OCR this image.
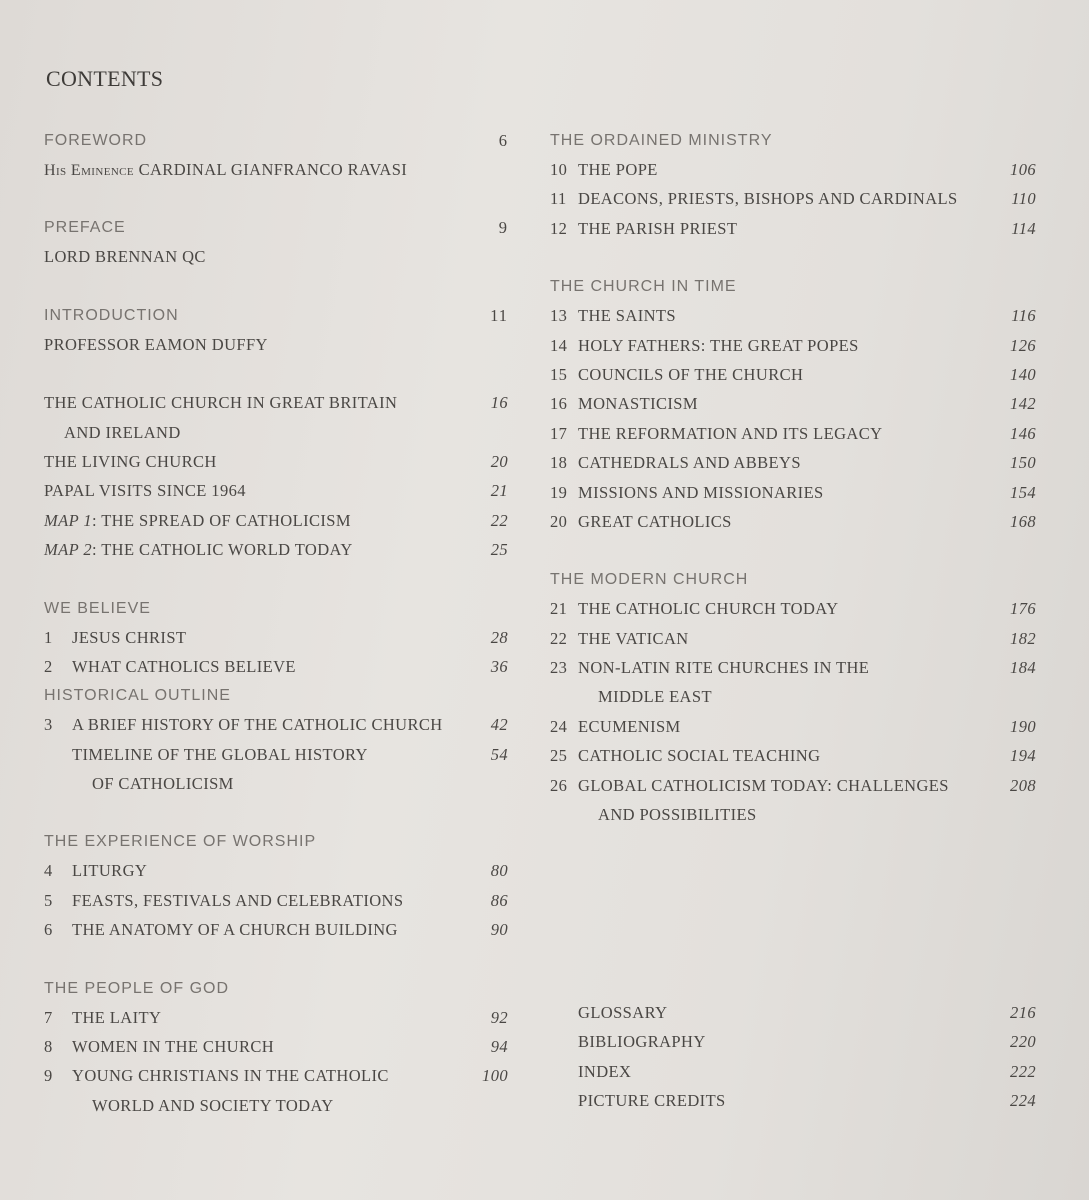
CONTENTS
FOREWORD	6
His Eminence CARDINAL GIANFRANCO RAVASI
PREFACE	9
LORD BRENNAN QC
INTRODUCTION	11
PROFESSOR EAMON DUFFY
THE CATHOLIC CHURCH IN GREAT BRITAIN	16
AND IRELAND
THE LIVING CHURCH	20
PAPAL VISITS SINCE 1964	21
MAP 1: THE SPREAD OF CATHOLICISM	22
MAP 2: THE CATHOLIC WORLD TODAY	25
WE BELIEVE
1	JESUS CHRIST	28
2	WHAT CATHOLICS BELIEVE	36
HISTORICAL OUTLINE
3	A BRIEF HISTORY OF THE CATHOLIC CHURCH	42
TIMELINE OF THE GLOBAL HISTORY	54
OF CATHOLICISM
THE EXPERIENCE OF WORSHIP
4	LITURGY	80
5	FEASTS, FESTIVALS AND CELEBRATIONS	86
6	THE ANATOMY OF A CHURCH BUILDING	90
THE PEOPLE OF GOD
7	THE LAITY	92
8	WOMEN IN THE CHURCH	94
9	YOUNG CHRISTIANS IN THE CATHOLIC	100
WORLD AND SOCIETY TODAY
THE ORDAINED MINISTRY
10 THE POPE	106
11 DEACONS, PRIESTS, BISHOPS AND CARDINALS	110
12 THE PARISH PRIEST	114
THE CHURCH IN TIME
13 THE SAINTS	116
14 HOLY FATHERS: THE GREAT POPES	126
15 COUNCILS OF THE CHURCH	140
16 MONASTICISM	142
17 THE REFORMATION AND ITS LEGACY	146
18 CATHEDRALS AND ABBEYS	150
19 MISSIONS AND MISSIONARIES	154
20 GREAT CATHOLICS	168
THE MODERN CHURCH
21 THE CATHOLIC CHURCH TODAY	176
22 THE VATICAN	182
23 NON-LATIN RITE CHURCHES IN THE	184
MIDDLE EAST
24 ECUMENISM	190
25 CATHOLIC SOCIAL TEACHING	194
26 GLOBAL CATHOLICISM TODAY: CHALLENGES	208
AND POSSIBILITIES
GLOSSARY	216
BIBLIOGRAPHY	220
INDEX	222
PICTURE CREDITS	224
